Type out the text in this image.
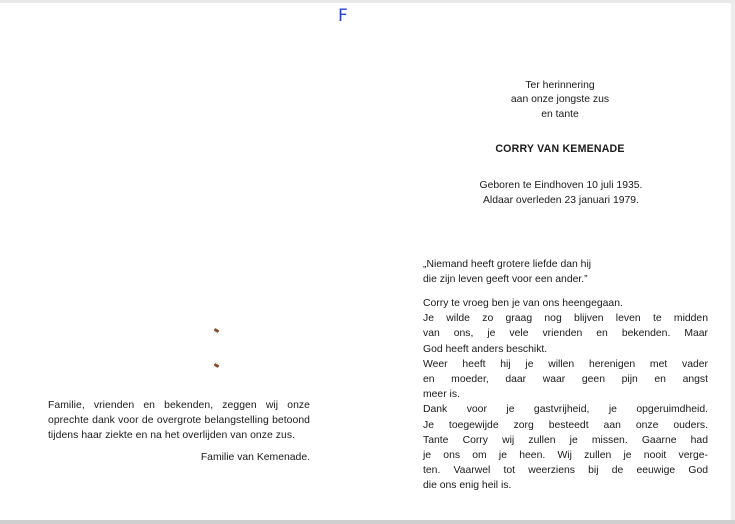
F

Familie, vrienden en bekenden, zeggen wij onze oprechte dank voor de overgrote belangstelling betoond tijdens haar ziekte en na het overlijden van onze zus.

Familie van Kemenade.
Ter herinnering
aan onze jongste zus
en tante
CORRY VAN KEMENADE
Geboren te Eindhoven 10 juli 1935.
Aldaar overleden 23 januari 1979.
„Niemand heeft grotere liefde dan hij
die zijn leven geeft voor een ander.”
Corry te vroeg ben je van ons heengegaan.
Je wilde zo graag nog blijven leven te midden
van ons, je vele vrienden en bekenden. Maar
God heeft anders beschikt.
Weer heeft hij je willen herenigen met vader
en moeder, daar waar geen pijn en angst
meer is.
Dank voor je gastvrijheid, je opgeruimdheid.
Je toegewijde zorg besteedt aan onze ouders.
Tante Corry wij zullen je missen. Gaarne had
je ons om je heen. Wij zullen je nooit verge-
ten. Vaarwel tot weerziens bij de eeuwige God
die ons enig heil is.
